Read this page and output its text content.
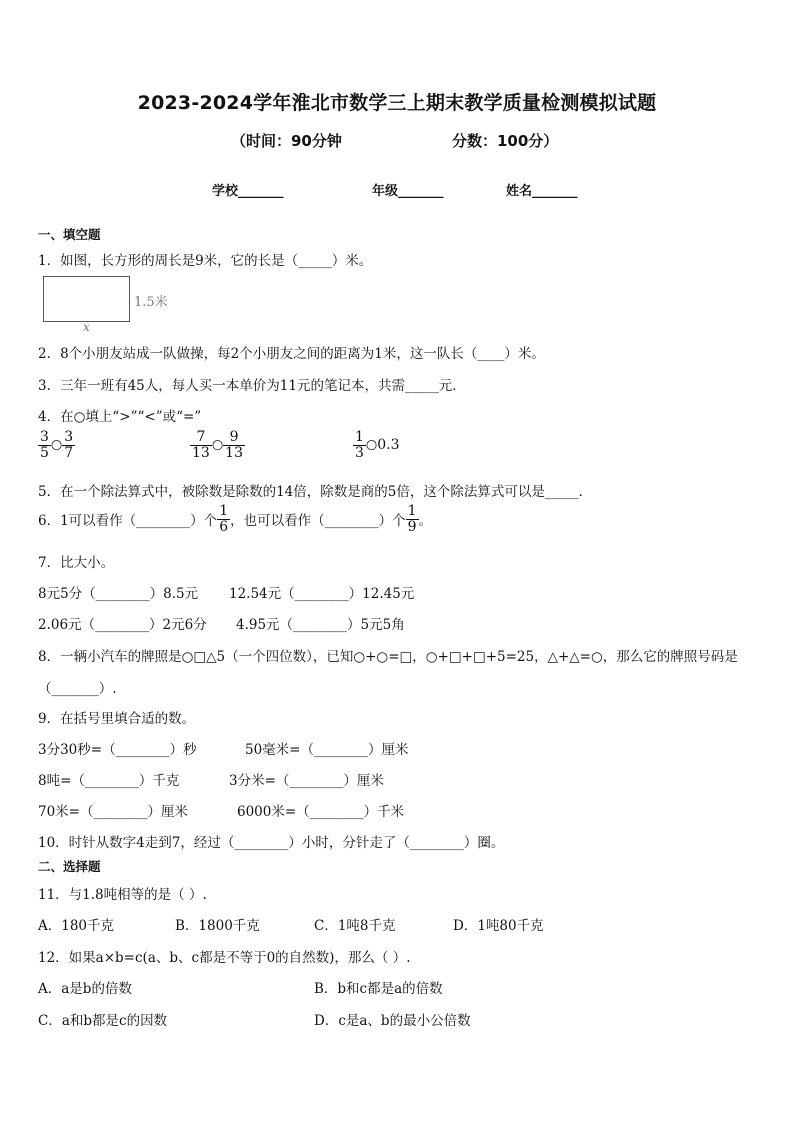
2023-2024学年淮北市数学三上期末教学质量检测模拟试题
（时间：90分钟	分数：100分）
学校_______	年级_______	姓名_______
一、填空题
1．如图，长方形的周长是9米，它的长是（_____）米。
1.5米
x
2．8个小朋友站成一队做操，每2个小朋友之间的距离为1米，这一队长（____）米。
3．三年一班有45人，每人买一本单价为11元的笔记本，共需_____元．
4．在○填上“>”“<”或“=”
$\frac{3}{5}$ ○ $\frac{3}{7}$	$\frac{7}{13}$ ○ $\frac{9}{13}$	$\frac{1}{3}$ ○0.3
5．在一个除法算式中，被除数是除数的14倍，除数是商的5倍，这个除法算式可以是_____．
6．1可以看作（________）个 $\frac{1}{6}$ ，也可以看作（________）个 $\frac{1}{9}$ 。
7．比大小。
8元5分（________）8.5元 12.54元（________）12.45元
2.06元（________）2元6分 4.95元（________）5元5角
8．一辆小汽车的牌照是○□△5（一个四位数），已知○+○=□，○+□+□+5=25，△+△=○，那么它的牌照号码是
（_______）.
9．在括号里填合适的数。
3分30秒=（________）秒	50毫米=（________）厘米
8吨=（________）千克	3分米=（________）厘米
70米=（________）厘米	6000米=（________）千米
10．时针从数字4走到7，经过（________）小时，分针走了（________）圈。
二、选择题
11．与1.8吨相等的是（ ）.
A．180千克	B．1800千克	C．1吨8千克	D．1吨80千克
12．如果a×b=c(a、b、c都是不等于0的自然数)，那么（ ）.
A．a是b的倍数	B．b和c都是a的倍数
C．a和b都是c的因数	D．c是a、b的最小公倍数
